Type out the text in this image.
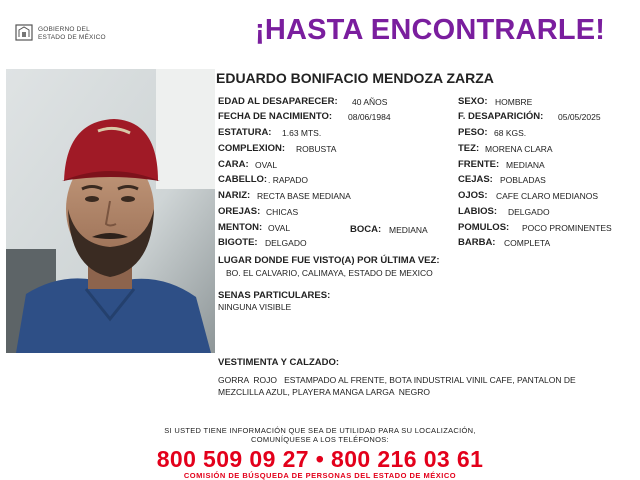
GOBIERNO DEL
ESTADO DE MÉXICO	¡HASTA ENCONTRARLE!
EDUARDO BONIFACIO MENDOZA ZARZA
EDAD AL DESAPARECER: 40 AÑOS
FECHA DE NACIMIENTO: 08/06/1984
ESTATURA: 1.63 MTS.
COMPLEXION: ROBUSTA
CARA: OVAL
CABELLO: . RAPADO
NARIZ: RECTA BASE MEDIANA
OREJAS: CHICAS
MENTON: OVAL	BOCA: MEDIANA
BIGOTE: DELGADO
SEXO: HOMBRE
F. DESAPARICIÓN: 05/05/2025
PESO: 68 KGS.
TEZ: MORENA CLARA
FRENTE: MEDIANA
CEJAS: POBLADAS
OJOS: CAFE CLARO MEDIANOS
LABIOS: DELGADO
POMULOS: POCO PROMINENTES
BARBA: COMPLETA
LUGAR DONDE FUE VISTO(A) POR ÚLTIMA VEZ:
BO. EL CALVARIO, CALIMAYA, ESTADO DE MEXICO
SENAS PARTICULARES:
NINGUNA VISIBLE
VESTIMENTA Y CALZADO:
GORRA  ROJO   ESTAMPADO AL FRENTE, BOTA INDUSTRIAL VINIL CAFE, PANTALON DE
MEZCLILLA AZUL, PLAYERA MANGA LARGA  NEGRO
SI USTED TIENE INFORMACIÓN QUE SEA DE UTILIDAD PARA SU LOCALIZACIÓN,
COMUNÍQUESE A LOS TELÉFONOS:
800 509 09 27 • 800 216 03 61
COMISIÓN DE BÚSQUEDA DE PERSONAS DEL ESTADO DE MÉXICO
